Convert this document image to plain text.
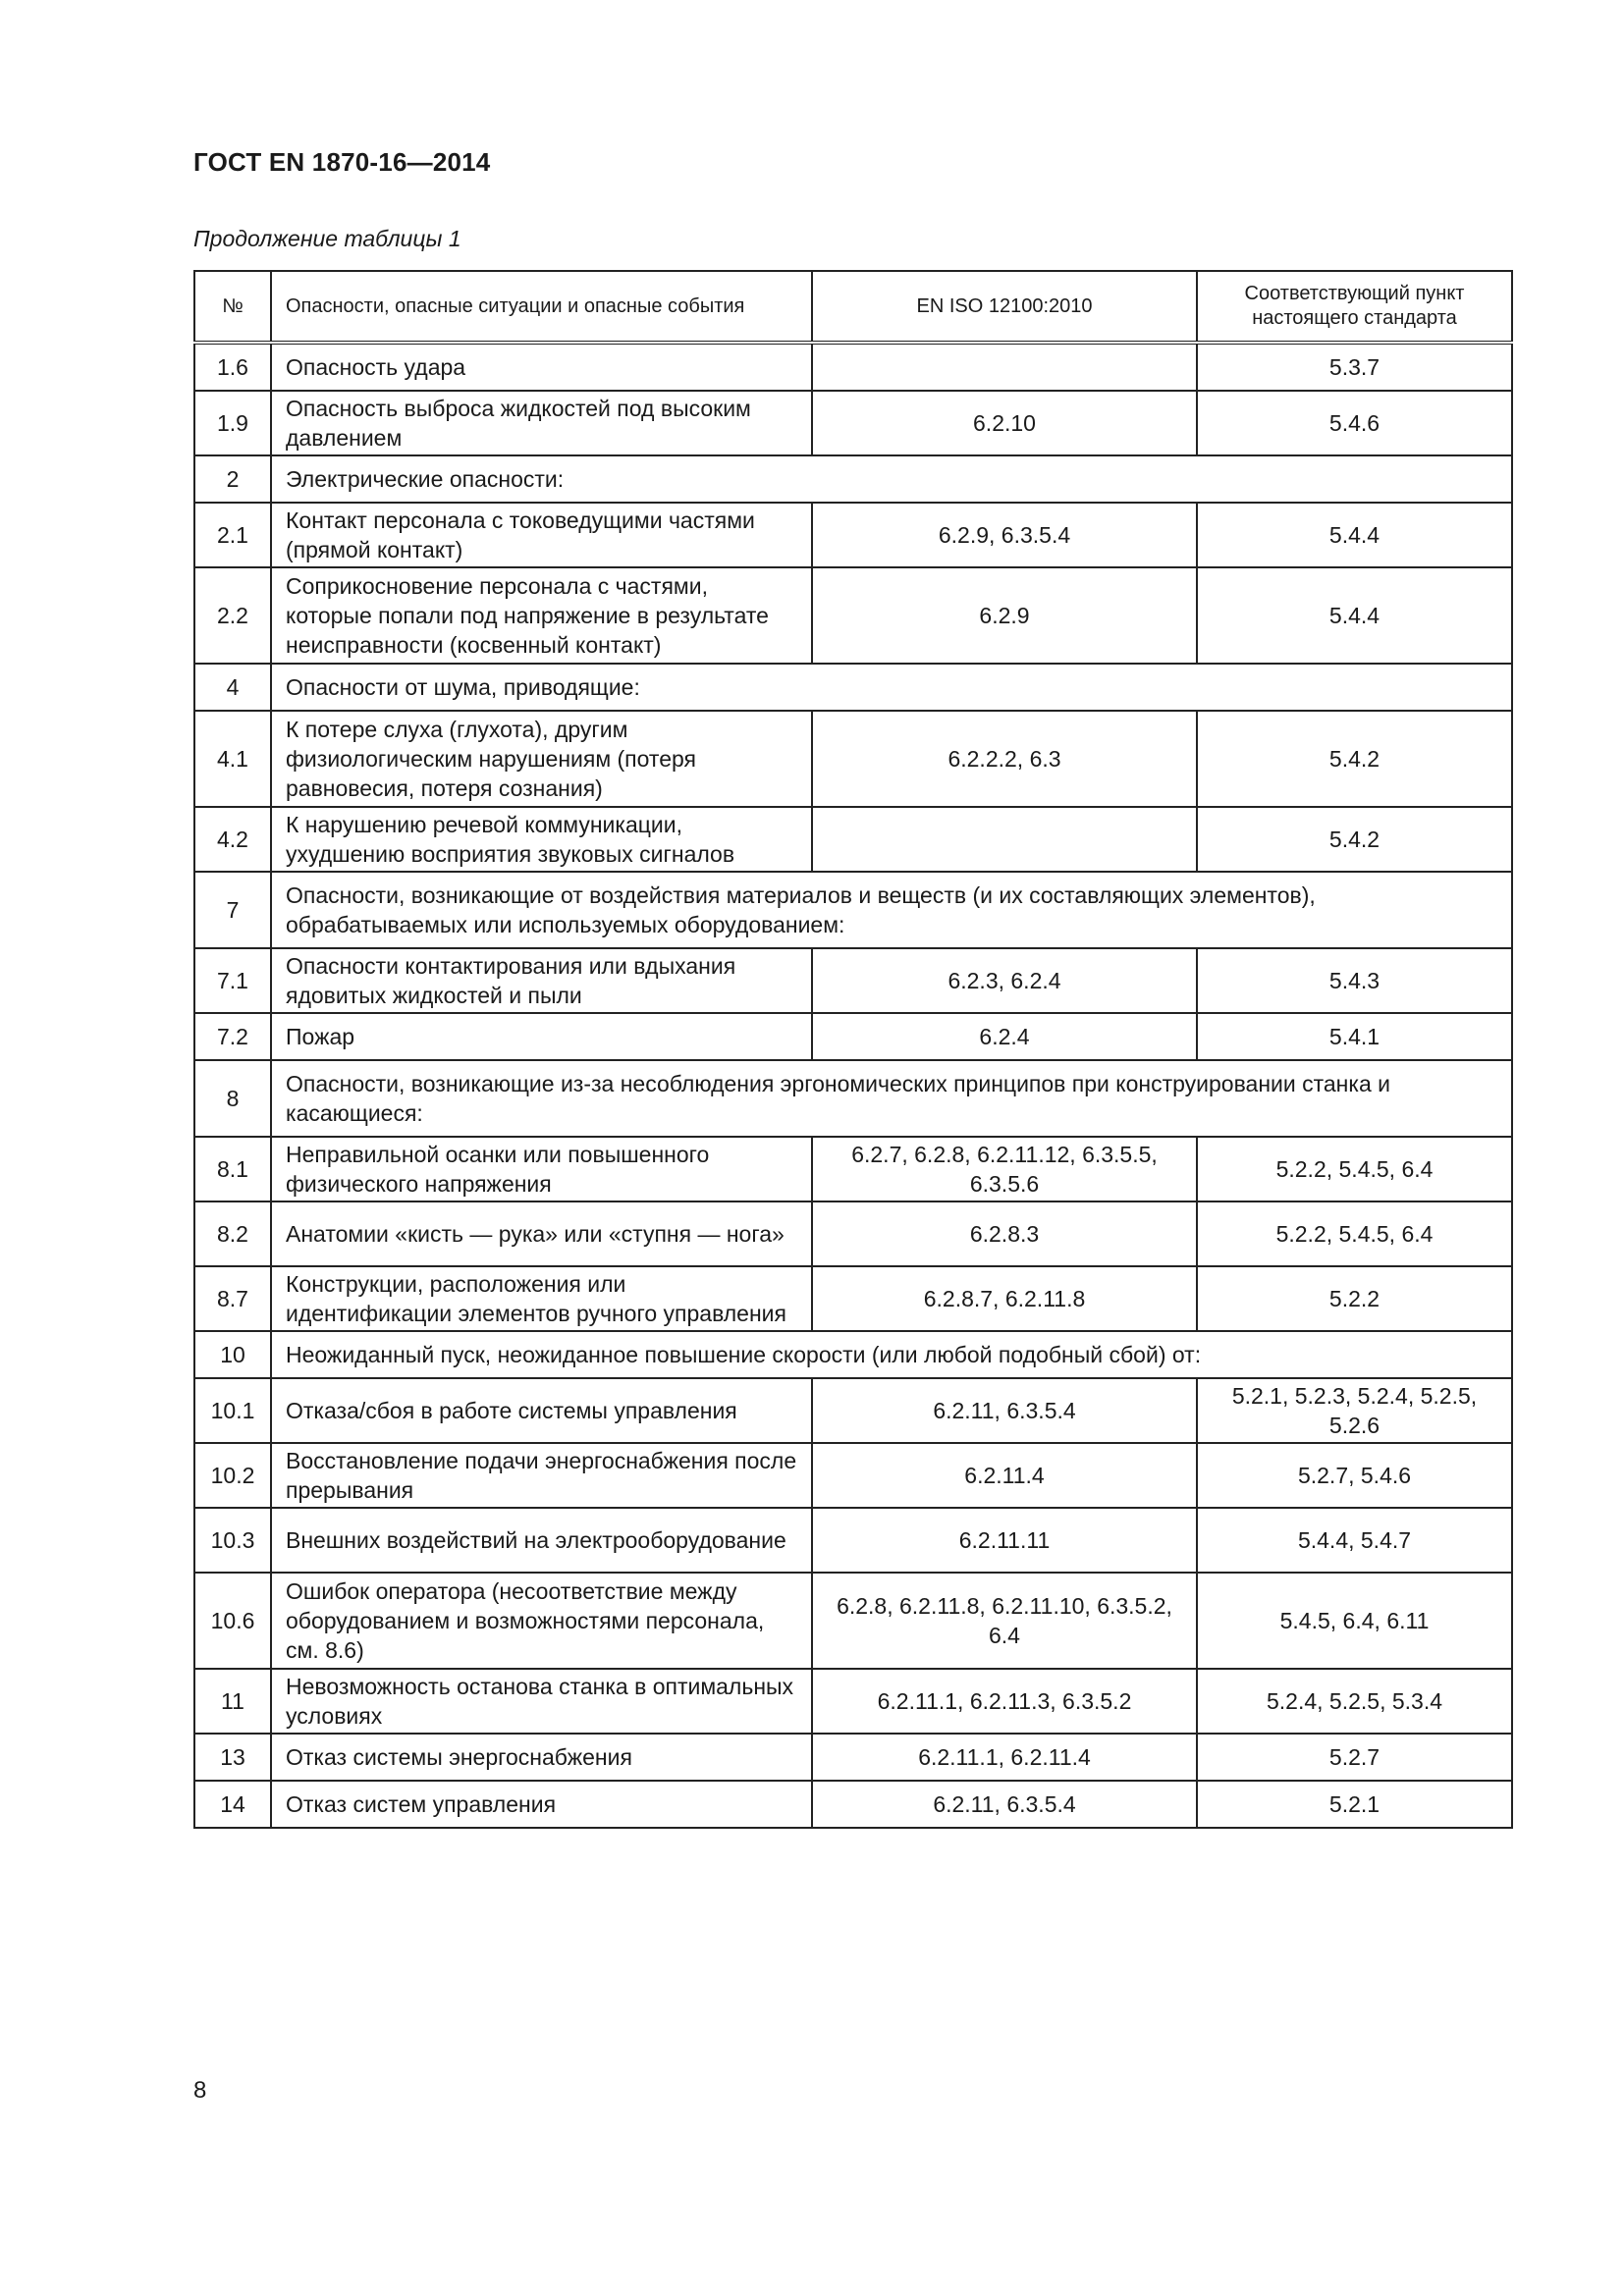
ГОСТ EN 1870-16—2014
Продолжение таблицы 1
№	Опасности, опасные ситуации и опасные события	EN ISO 12100:2010	Соответствующий пункт настоящего стандарта
1.6	Опасность удара		5.3.7
1.9	Опасность выброса жидкостей под высоким давлением	6.2.10	5.4.6
2	Электрические опасности:		
2.1	Контакт персонала с токоведущими частями (прямой контакт)	6.2.9, 6.3.5.4	5.4.4
2.2	Соприкосновение персонала с частями, которые попали под напряжение в результате неисправности (косвенный контакт)	6.2.9	5.4.4
4	Опасности от шума, приводящие:		
4.1	К потере слуха (глухота), другим физиологическим нарушениям (потеря равновесия, потеря сознания)	6.2.2.2, 6.3	5.4.2
4.2	К нарушению речевой коммуникации, ухудшению восприятия звуковых сигналов		5.4.2
7	Опасности, возникающие от воздействия материалов и веществ (и их составляющих элементов), обрабатываемых или используемых оборудованием:		
7.1	Опасности контактирования или вдыхания ядовитых жидкостей и пыли	6.2.3, 6.2.4	5.4.3
7.2	Пожар	6.2.4	5.4.1
8	Опасности, возникающие из-за несоблюдения эргономических принципов при конструировании станка и касающиеся:		
8.1	Неправильной осанки или повышенного физического напряжения	6.2.7, 6.2.8, 6.2.11.12, 6.3.5.5, 6.3.5.6	5.2.2, 5.4.5, 6.4
8.2	Анатомии «кисть — рука» или «ступня — нога»	6.2.8.3	5.2.2, 5.4.5, 6.4
8.7	Конструкции, расположения или идентификации элементов ручного управления	6.2.8.7, 6.2.11.8	5.2.2
10	Неожиданный пуск, неожиданное повышение скорости (или любой подобный сбой) от:		
10.1	Отказа/сбоя в работе системы управления	6.2.11, 6.3.5.4	5.2.1, 5.2.3, 5.2.4, 5.2.5, 5.2.6
10.2	Восстановление подачи энергоснабжения после прерывания	6.2.11.4	5.2.7, 5.4.6
10.3	Внешних воздействий на электрооборудование	6.2.11.11	5.4.4, 5.4.7
10.6	Ошибок оператора (несоответствие между оборудованием и возможностями персонала, см. 8.6)	6.2.8, 6.2.11.8, 6.2.11.10, 6.3.5.2, 6.4	5.4.5, 6.4, 6.11
11	Невозможность останова станка в оптимальных условиях	6.2.11.1, 6.2.11.3, 6.3.5.2	5.2.4, 5.2.5, 5.3.4
13	Отказ системы энергоснабжения	6.2.11.1, 6.2.11.4	5.2.7
14	Отказ систем управления	6.2.11, 6.3.5.4	5.2.1
8
